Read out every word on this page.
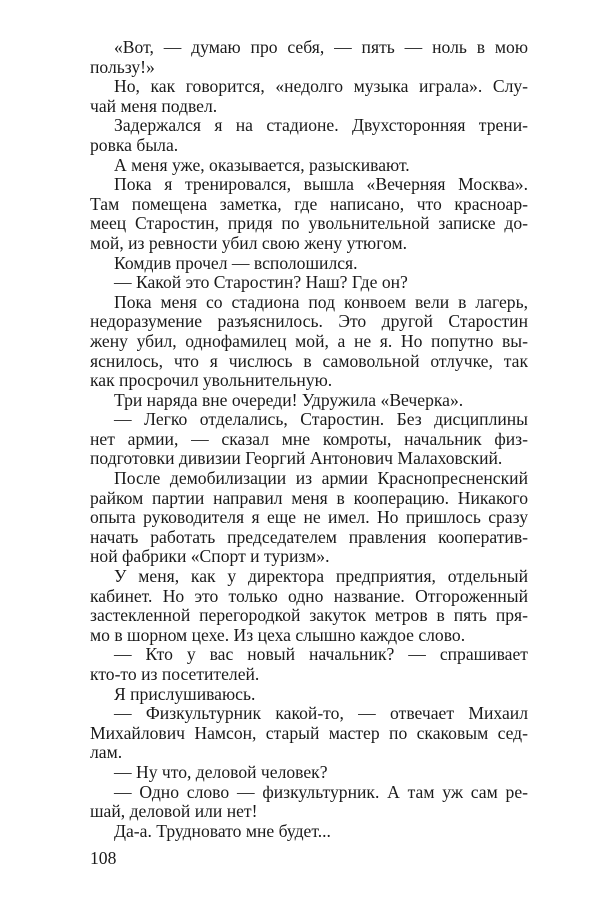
«Вот, — думаю про себя, — пять — ноль в мою
пользу!»
Но, как говорится, «недолго музыка играла». Слу-
чай меня подвел.
Задержался я на стадионе. Двухсторонняя трени-
ровка была.
А меня уже, оказывается, разыскивают.
Пока я тренировался, вышла «Вечерняя Москва».
Там помещена заметка, где написано, что красноар-
меец Старостин, придя по увольнительной записке до-
мой, из ревности убил свою жену утюгом.
Комдив прочел — всполошился.
— Какой это Старостин? Наш? Где он?
Пока меня со стадиона под конвоем вели в лагерь,
недоразумение разъяснилось. Это другой Старостин
жену убил, однофамилец мой, а не я. Но попутно вы-
яснилось, что я числюсь в самовольной отлучке, так
как просрочил увольнительную.
Три наряда вне очереди! Удружила «Вечерка».
— Легко отделались, Старостин. Без дисциплины
нет армии, — сказал мне комроты, начальник физ-
подготовки дивизии Георгий Антонович Малаховский.
После демобилизации из армии Краснопресненский
райком партии направил меня в кооперацию. Никакого
опыта руководителя я еще не имел. Но пришлось сразу
начать работать председателем правления кооператив-
ной фабрики «Спорт и туризм».
У меня, как у директора предприятия, отдельный
кабинет. Но это только одно название. Отгороженный
застекленной перегородкой закуток метров в пять пря-
мо в шорном цехе. Из цеха слышно каждое слово.
— Кто у вас новый начальник? — спрашивает
кто-то из посетителей.
Я прислушиваюсь.
— Физкультурник какой-то, — отвечает Михаил
Михайлович Намсон, старый мастер по скаковым сед-
лам.
— Ну что, деловой человек?
— Одно слово — физкультурник. А там уж сам ре-
шай, деловой или нет!
Да-а. Трудновато мне будет...
108
